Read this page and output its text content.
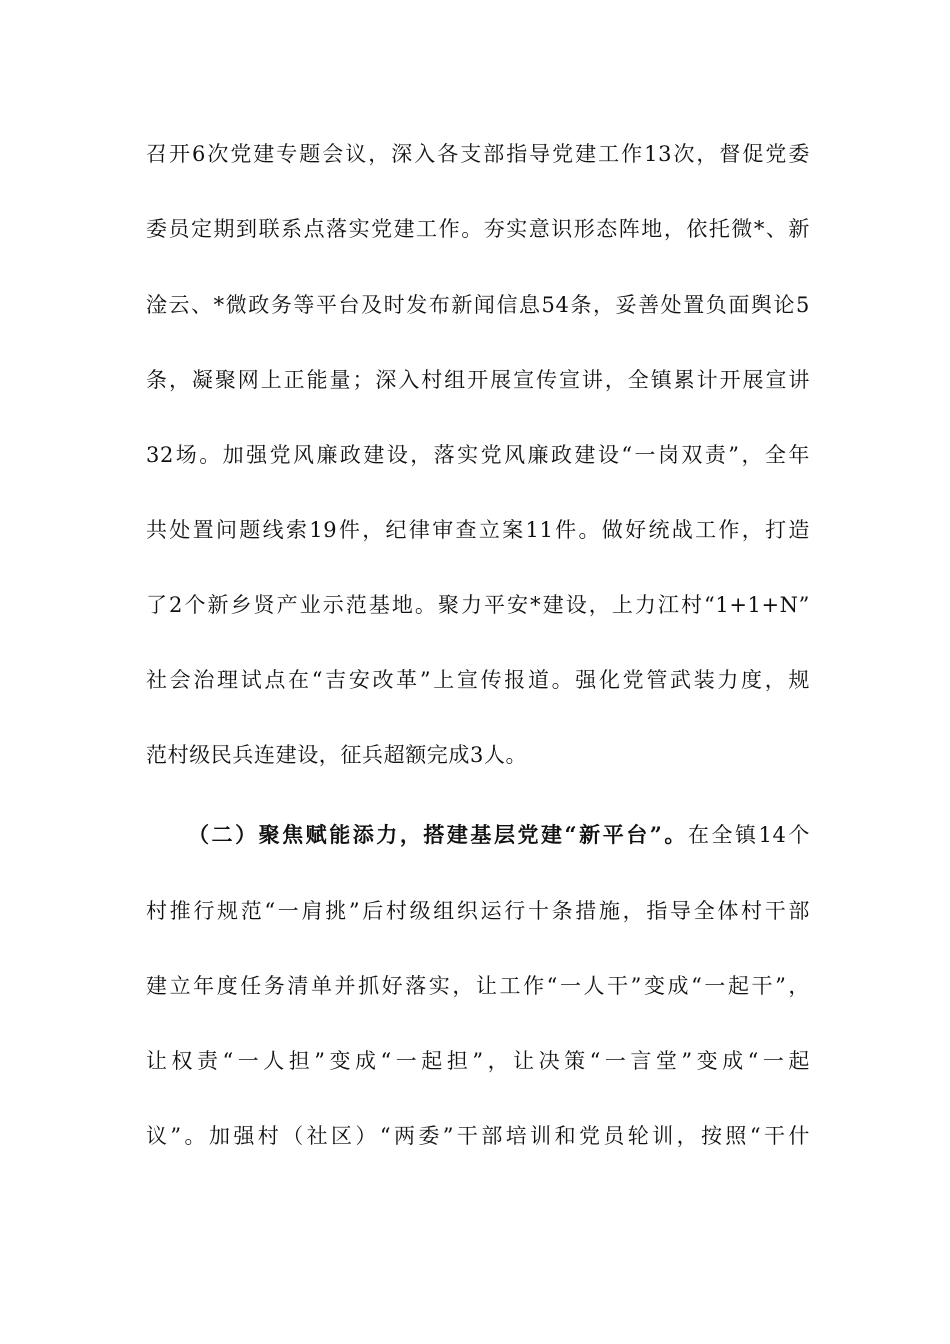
召开6次党建专题会议，深入各支部指导党建工作13次，督促党委
委员定期到联系点落实党建工作。夯实意识形态阵地，依托微*、新
淦云、*微政务等平台及时发布新闻信息54条，妥善处置负面舆论5
条，凝聚网上正能量；深入村组开展宣传宣讲，全镇累计开展宣讲
32场。加强党风廉政建设，落实党风廉政建设“一岗双责”，全年
共处置问题线索19件，纪律审查立案11件。做好统战工作，打造
了2个新乡贤产业示范基地。聚力平安*建设，上力江村“1+1+N”
社会治理试点在“吉安改革”上宣传报道。强化党管武装力度，规
范村级民兵连建设，征兵超额完成3人。
（二）聚焦赋能添力，搭建基层党建“新平台”。在全镇14个
村推行规范“一肩挑”后村级组织运行十条措施，指导全体村干部
建立年度任务清单并抓好落实，让工作“一人干”变成“一起干”，
让权责“一人担”变成“一起担”，让决策“一言堂”变成“一起
议”。加强村（社区）“两委”干部培训和党员轮训，按照“干什
